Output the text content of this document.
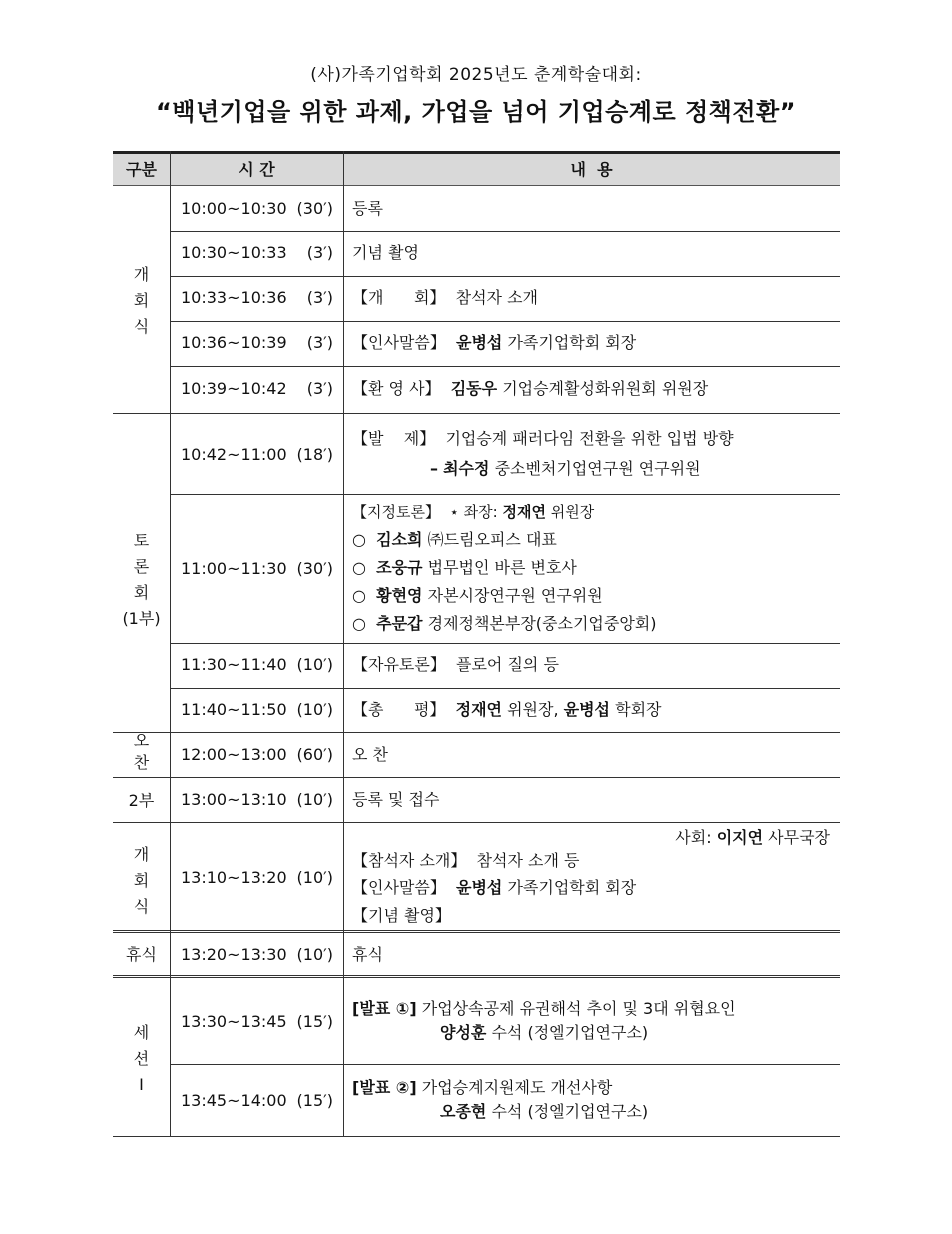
(사)가족기업학회 2025년도 춘계학술대회:
“백년기업을 위한 과제, 가업을 넘어 기업승계로 정책전환”
구분	시 간	내  용
개
회
식
토
론
회
(1부)
오
찬
2부
개
회
식
휴식
세
션
I
10:00~10:30 (30′) 등록
10:30~10:33 (3′) 기념 촬영
10:33~10:36 (3′) 【개      회】 참석자 소개
10:36~10:39 (3′) 【인사말씀】 윤병섭 가족기업학회 회장
10:39~10:42 (3′) 【환 영 사】 김동우 기업승계활성화위원회 위원장
10:42~11:00 (18′)
【발    제】 기업승계 패러다임 전환을 위한 입법 방향
– 최수정 중소벤처기업연구원 연구위원
11:00~11:30 (30′)
【지정토론】 ⋆ 좌장: 정재연 위원장
○ 김소희 ㈜드림오피스 대표
○ 조웅규 법무법인 바른 변호사
○ 황현영 자본시장연구원 연구위원
○ 추문갑 경제정책본부장(중소기업중앙회)
11:30~11:40 (10′) 【자유토론】 플로어 질의 등
11:40~11:50 (10′) 【총      평】 정재연 위원장, 윤병섭 학회장
12:00~13:00 (60′) 오 찬
13:00~13:10 (10′) 등록 및 접수
13:10~13:20 (10′)
사회: 이지연 사무국장
【참석자 소개】 참석자 소개 등
【인사말씀】 윤병섭 가족기업학회 회장
【기념 촬영】
13:20~13:30 (10′) 휴식
13:30~13:45 (15′)
[발표 ①] 가업상속공제 유권해석 추이 및 3대 위협요인
양성훈 수석 (정엘기업연구소)
13:45~14:00 (15′)
[발표 ②] 가업승계지원제도 개선사항
오종현 수석 (정엘기업연구소)
